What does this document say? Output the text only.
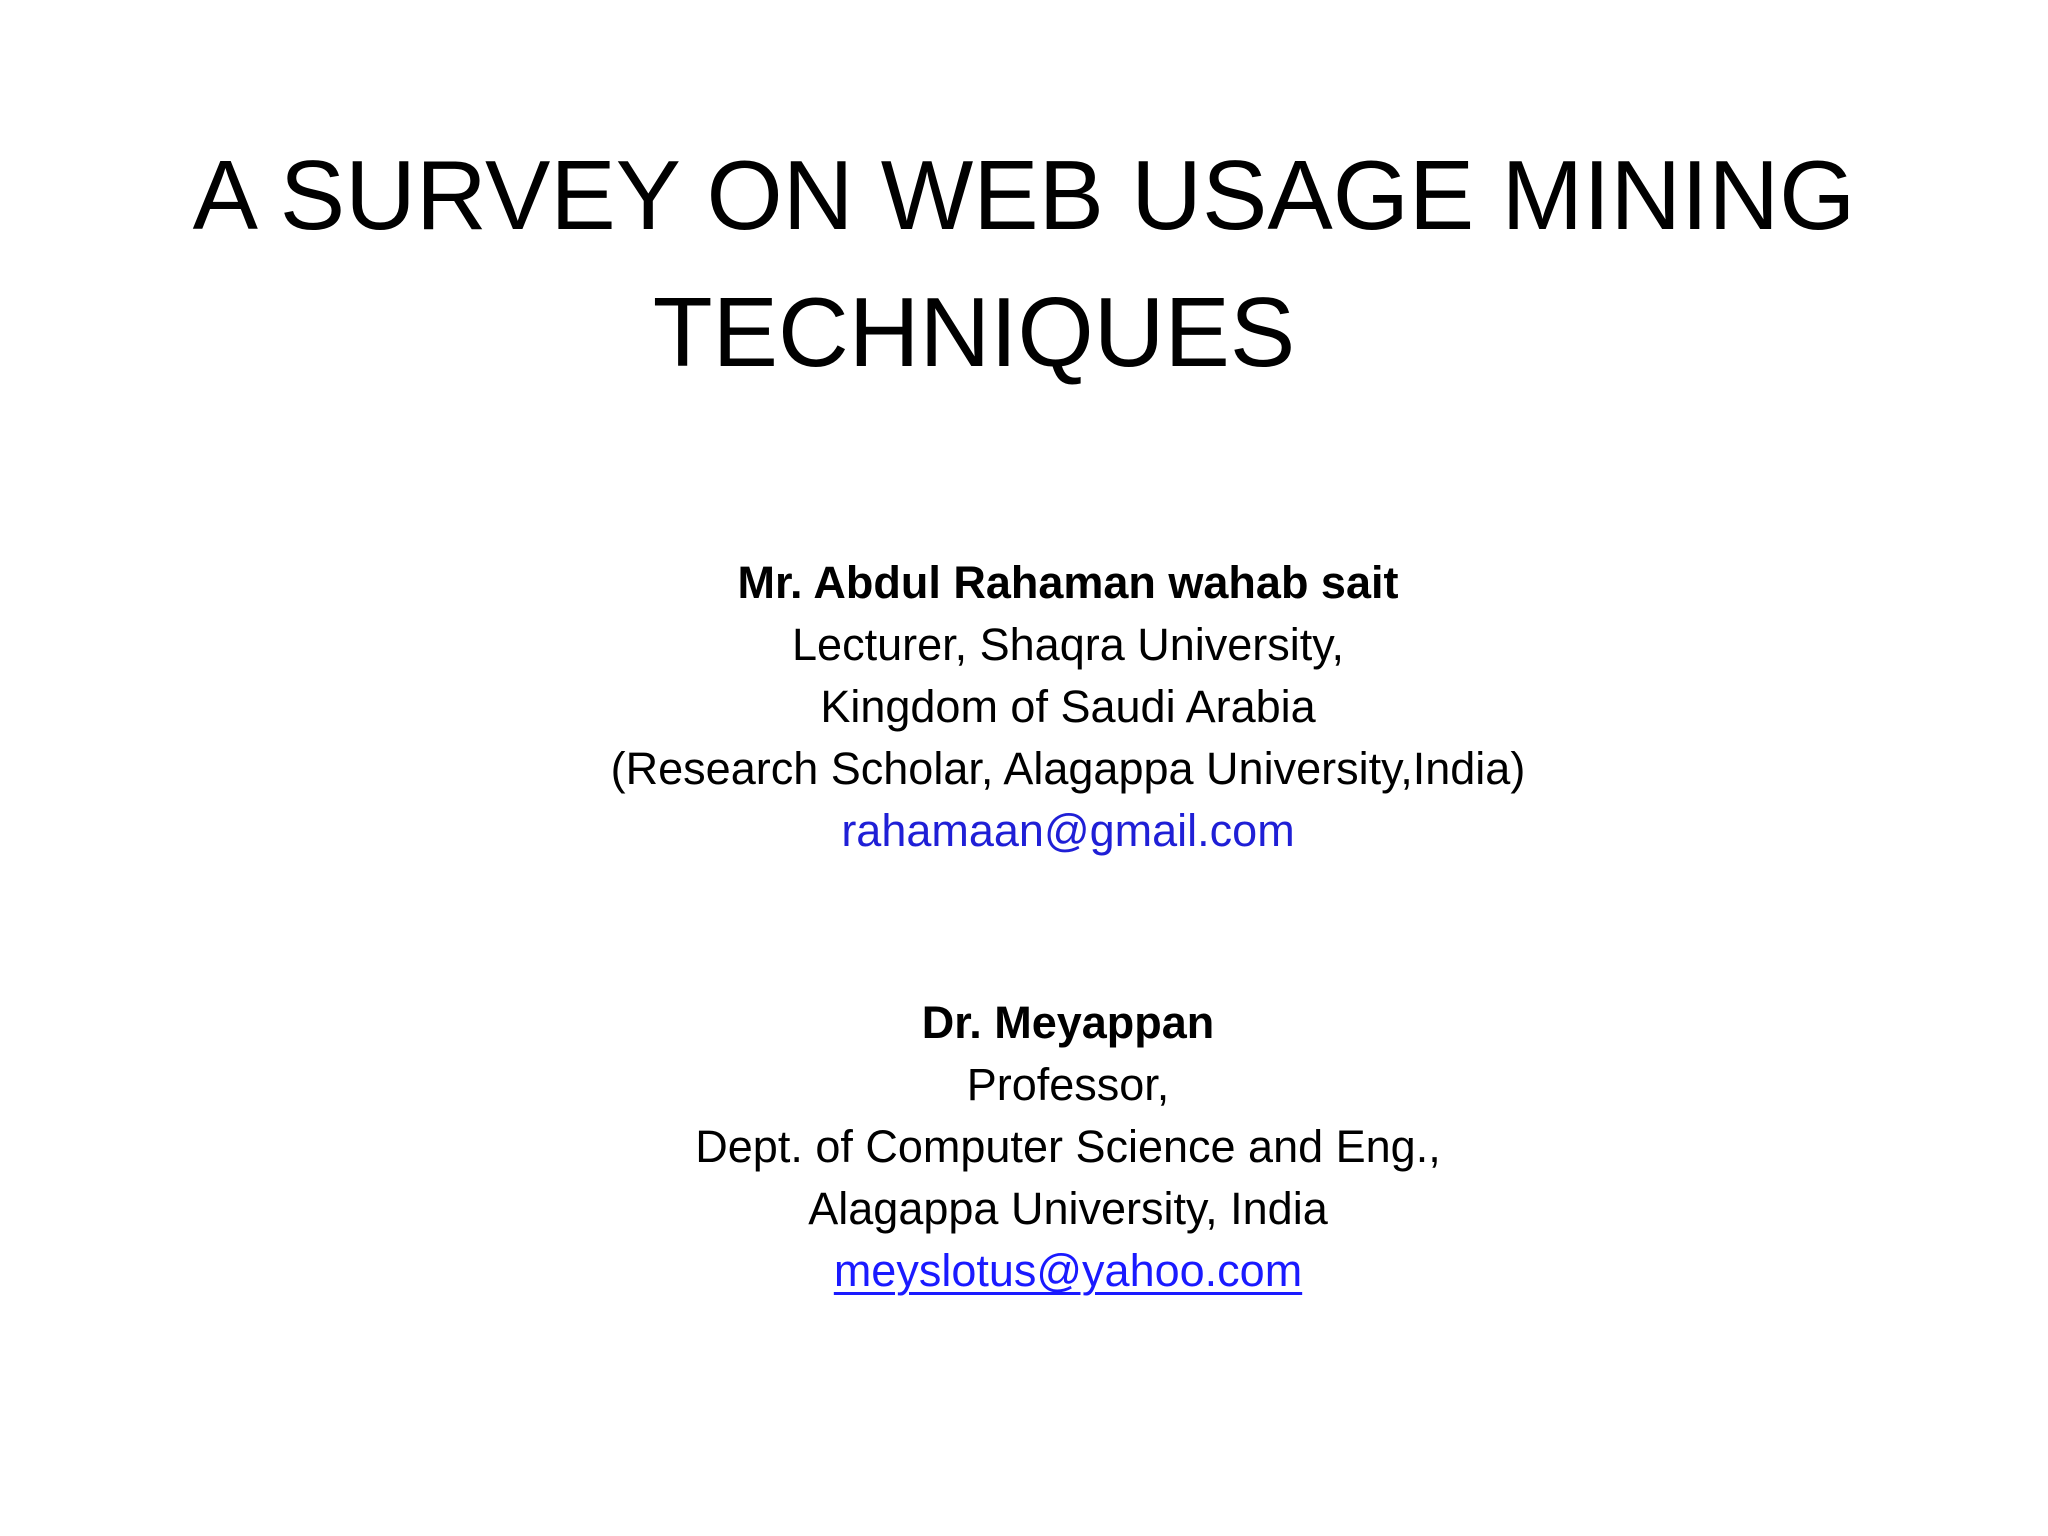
A SURVEY ON WEB USAGE MINING
TECHNIQUES
Mr. Abdul Rahaman wahab sait
Lecturer, Shaqra University,
Kingdom of Saudi Arabia
(Research Scholar, Alagappa University,India)
rahamaan@gmail.com
Dr. Meyappan
Professor,
Dept. of Computer Science and Eng.,
Alagappa University, India
meyslotus@yahoo.com
